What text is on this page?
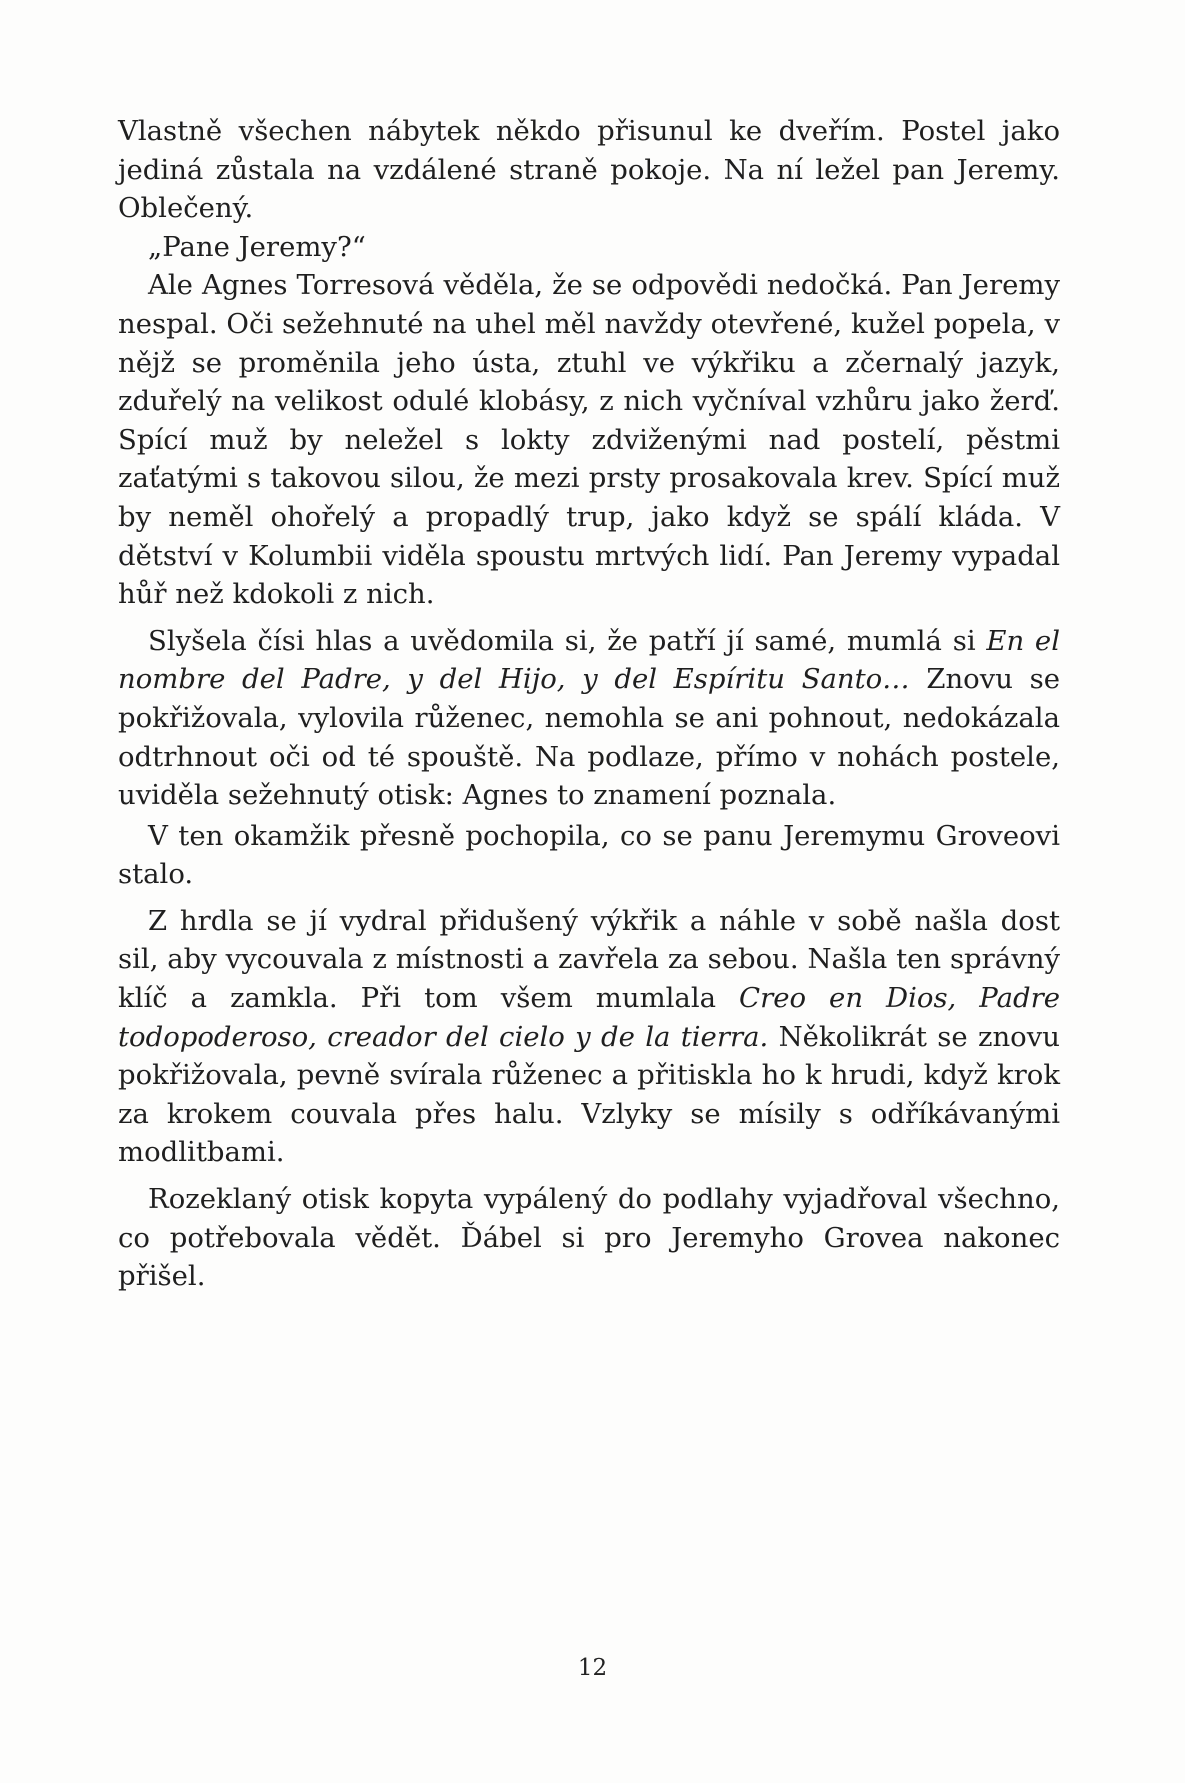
Vlastně všechen nábytek někdo přisunul ke dveřím. Postel jako jediná zůstala na vzdálené straně pokoje. Na ní ležel pan Jeremy. Oblečený.

„Pane Jeremy?“

Ale Agnes Torresová věděla, že se odpovědi nedočká. Pan Jeremy nespal. Oči sežehnuté na uhel měl navždy otevřené, kužel popela, v nějž se proměnila jeho ústa, ztuhl ve výkřiku a zčernalý jazyk, zduřelý na velikost odulé klobásy, z nich vyčníval vzhůru jako žerď. Spící muž by neležel s lokty zdviženými nad postelí, pěstmi zaťatými s takovou silou, že mezi prsty prosakovala krev. Spící muž by neměl ohořelý a propadlý trup, jako když se spálí kláda. V dětství v Kolumbii viděla spoustu mrtvých lidí. Pan Jeremy vypadal hůř než kdokoli z nich.

Slyšela čísi hlas a uvědomila si, že patří jí samé, mumlá si En el nombre del Padre, y del Hijo, y del Espíritu Santo… Znovu se pokřižovala, vylovila růženec, nemohla se ani pohnout, nedokázala odtrhnout oči od té spouště. Na podlaze, přímo v nohách postele, uviděla sežehnutý otisk: Agnes to znamení poznala.

V ten okamžik přesně pochopila, co se panu Jeremymu Groveovi stalo.

Z hrdla se jí vydral přidušený výkřik a náhle v sobě našla dost sil, aby vycouvala z místnosti a zavřela za sebou. Našla ten správný klíč a zamkla. Při tom všem mumlala Creo en Dios, Padre todopoderoso, creador del cielo y de la tierra. Několikrát se znovu pokřižovala, pevně svírala růženec a přitiskla ho k hrudi, když krok za krokem couvala přes halu. Vzlyky se mísily s odříkávanými modlitbami.

Rozeklaný otisk kopyta vypálený do podlahy vyjadřoval všechno, co potřebovala vědět. Ďábel si pro Jeremyho Grovea nakonec přišel.

12
